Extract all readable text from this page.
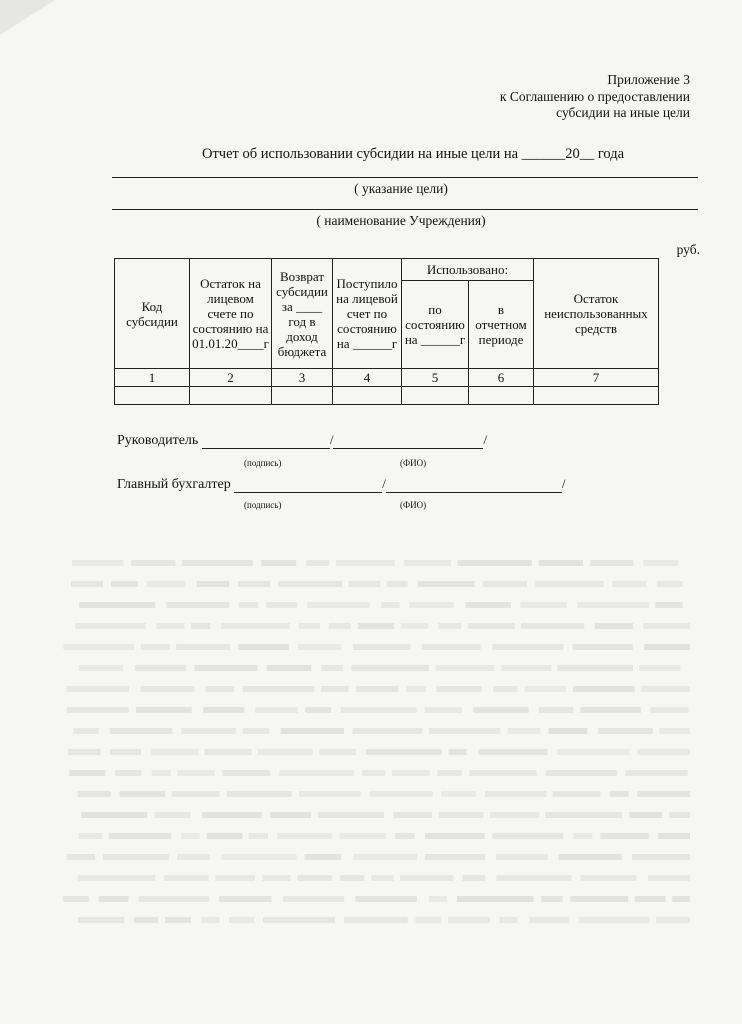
Приложение 3
к Соглашению о предоставлении
субсидии на иные цели
Отчет об использовании субсидии на иные цели на ______20__ года
( указание цели)
( наименование Учреждения)
руб.
Код субсидии	Остаток на лицевом счете по состоянию на 01.01.20____г	Возврат субсидии за ____ год в доход бюджета	Поступило на лицевой счет по состоянию на ______г	Использовано:		Остаток неиспользованных средств
				по состоянию на ______г	в отчетном периоде	
1	2	3	4	5	6	7

Руководитель	/	/
(подпись)	(ФИО)
Главный бухгалтер	/	/
(подпись)	(ФИО)
